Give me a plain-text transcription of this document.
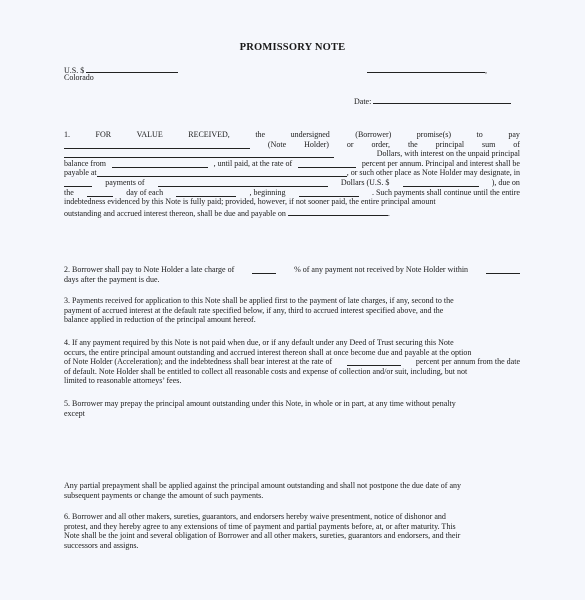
PROMISSORY NOTE
U.S. $
Colorado
,
Date:
1.	FOR	VALUE	RECEIVED,	the	undersigned	(Borrower)	promise(s)	to	pay
(Note Holder) or order, the principal sum of
Dollars, with interest on the unpaid principal
balance from	, until paid, at the rate of	percent per annum. Principal and interest shall be
payable at	, or such other place as Note Holder may designate, in
payments of	Dollars (U.S. $	), due on
the	day of each	, beginning	. Such payments shall continue until the entire
indebtedness evidenced by this Note is fully paid; provided, however, if not sooner paid, the entire principal amount
outstanding and accrued interest thereon, shall be due and payable on	.
2. Borrower shall pay to Note Holder a late charge of	% of any payment not received by Note Holder within
days after the payment is due.
3. Payments received for application to this Note shall be applied first to the payment of late charges, if any, second to the
payment of accrued interest at the default rate specified below, if any, third to accrued interest specified above, and the
balance applied in reduction of the principal amount hereof.
4. If any payment required by this Note is not paid when due, or if any default under any Deed of Trust securing this Note
occurs, the entire principal amount outstanding and accrued interest thereon shall at once become due and payable at the option
of Note Holder (Acceleration); and the indebtedness shall bear interest at the rate of	percent per annum from the date
of default. Note Holder shall be entitled to collect all reasonable costs and expense of collection and/or suit, including, but not
limited to reasonable attorneys’ fees.
5. Borrower may prepay the principal amount outstanding under this Note, in whole or in part, at any time without penalty
except
Any partial prepayment shall be applied against the principal amount outstanding and shall not postpone the due date of any
subsequent payments or change the amount of such payments.
6. Borrower and all other makers, sureties, guarantors, and endorsers hereby waive presentment, notice of dishonor and
protest, and they hereby agree to any extensions of time of payment and partial payments before, at, or after maturity. This
Note shall be the joint and several obligation of Borrower and all other makers, sureties, guarantors and endorsers, and their
successors and assigns.
